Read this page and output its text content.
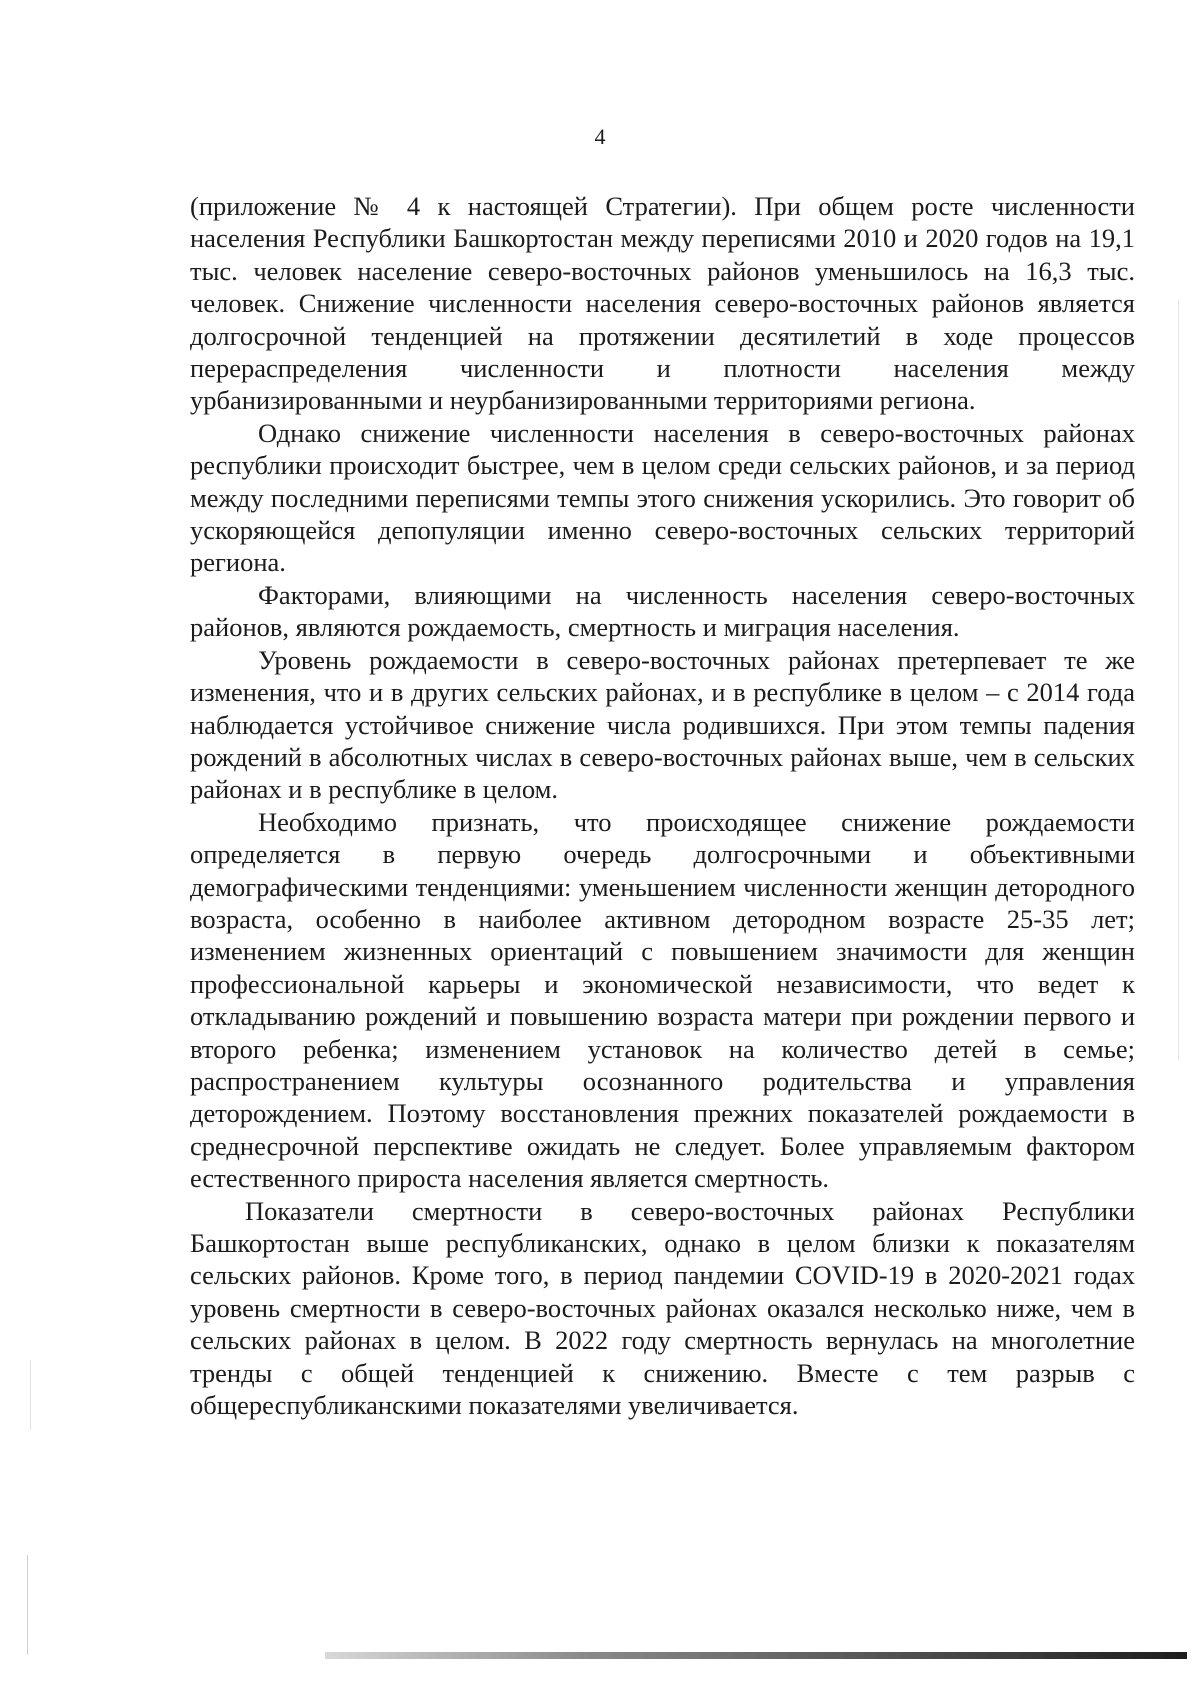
4

(приложение № 4 к настоящей Стратегии). При общем росте численности населения Республики Башкортостан между переписями 2010 и 2020 годов на 19,1 тыс. человек население северо-восточных районов уменьшилось на 16,3 тыс. человек. Снижение численности населения северо-восточных районов является долгосрочной тенденцией на протяжении десятилетий в ходе процессов перераспределения численности и плотности населения между урбанизированными и неурбанизированными территориями региона.

Однако снижение численности населения в северо-восточных районах республики происходит быстрее, чем в целом среди сельских районов, и за период между последними переписями темпы этого снижения ускорились. Это говорит об ускоряющейся депопуляции именно северо-восточных сельских территорий региона.

Факторами, влияющими на численность населения северо-восточных районов, являются рождаемость, смертность и миграция населения.

Уровень рождаемости в северо-восточных районах претерпевает те же изменения, что и в других сельских районах, и в республике в целом – с 2014 года наблюдается устойчивое снижение числа родившихся. При этом темпы падения рождений в абсолютных числах в северо-восточных районах выше, чем в сельских районах и в республике в целом.

Необходимо признать, что происходящее снижение рождаемости определяется в первую очередь долгосрочными и объективными демографическими тенденциями: уменьшением численности женщин детородного возраста, особенно в наиболее активном детородном возрасте 25-35 лет; изменением жизненных ориентаций с повышением значимости для женщин профессиональной карьеры и экономической независимости, что ведет к откладыванию рождений и повышению возраста матери при рождении первого и второго ребенка; изменением установок на количество детей в семье; распространением культуры осознанного родительства и управления деторождением. Поэтому восстановления прежних показателей рождаемости в среднесрочной перспективе ожидать не следует. Более управляемым фактором естественного прироста населения является смертность.

Показатели смертности в северо-восточных районах Республики Башкортостан выше республиканских, однако в целом близки к показателям сельских районов. Кроме того, в период пандемии COVID-19 в 2020-2021 годах уровень смертности в северо-восточных районах оказался несколько ниже, чем в сельских районах в целом. В 2022 году смертность вернулась на многолетние тренды с общей тенденцией к снижению. Вместе с тем разрыв с общереспубликанскими показателями увеличивается.
